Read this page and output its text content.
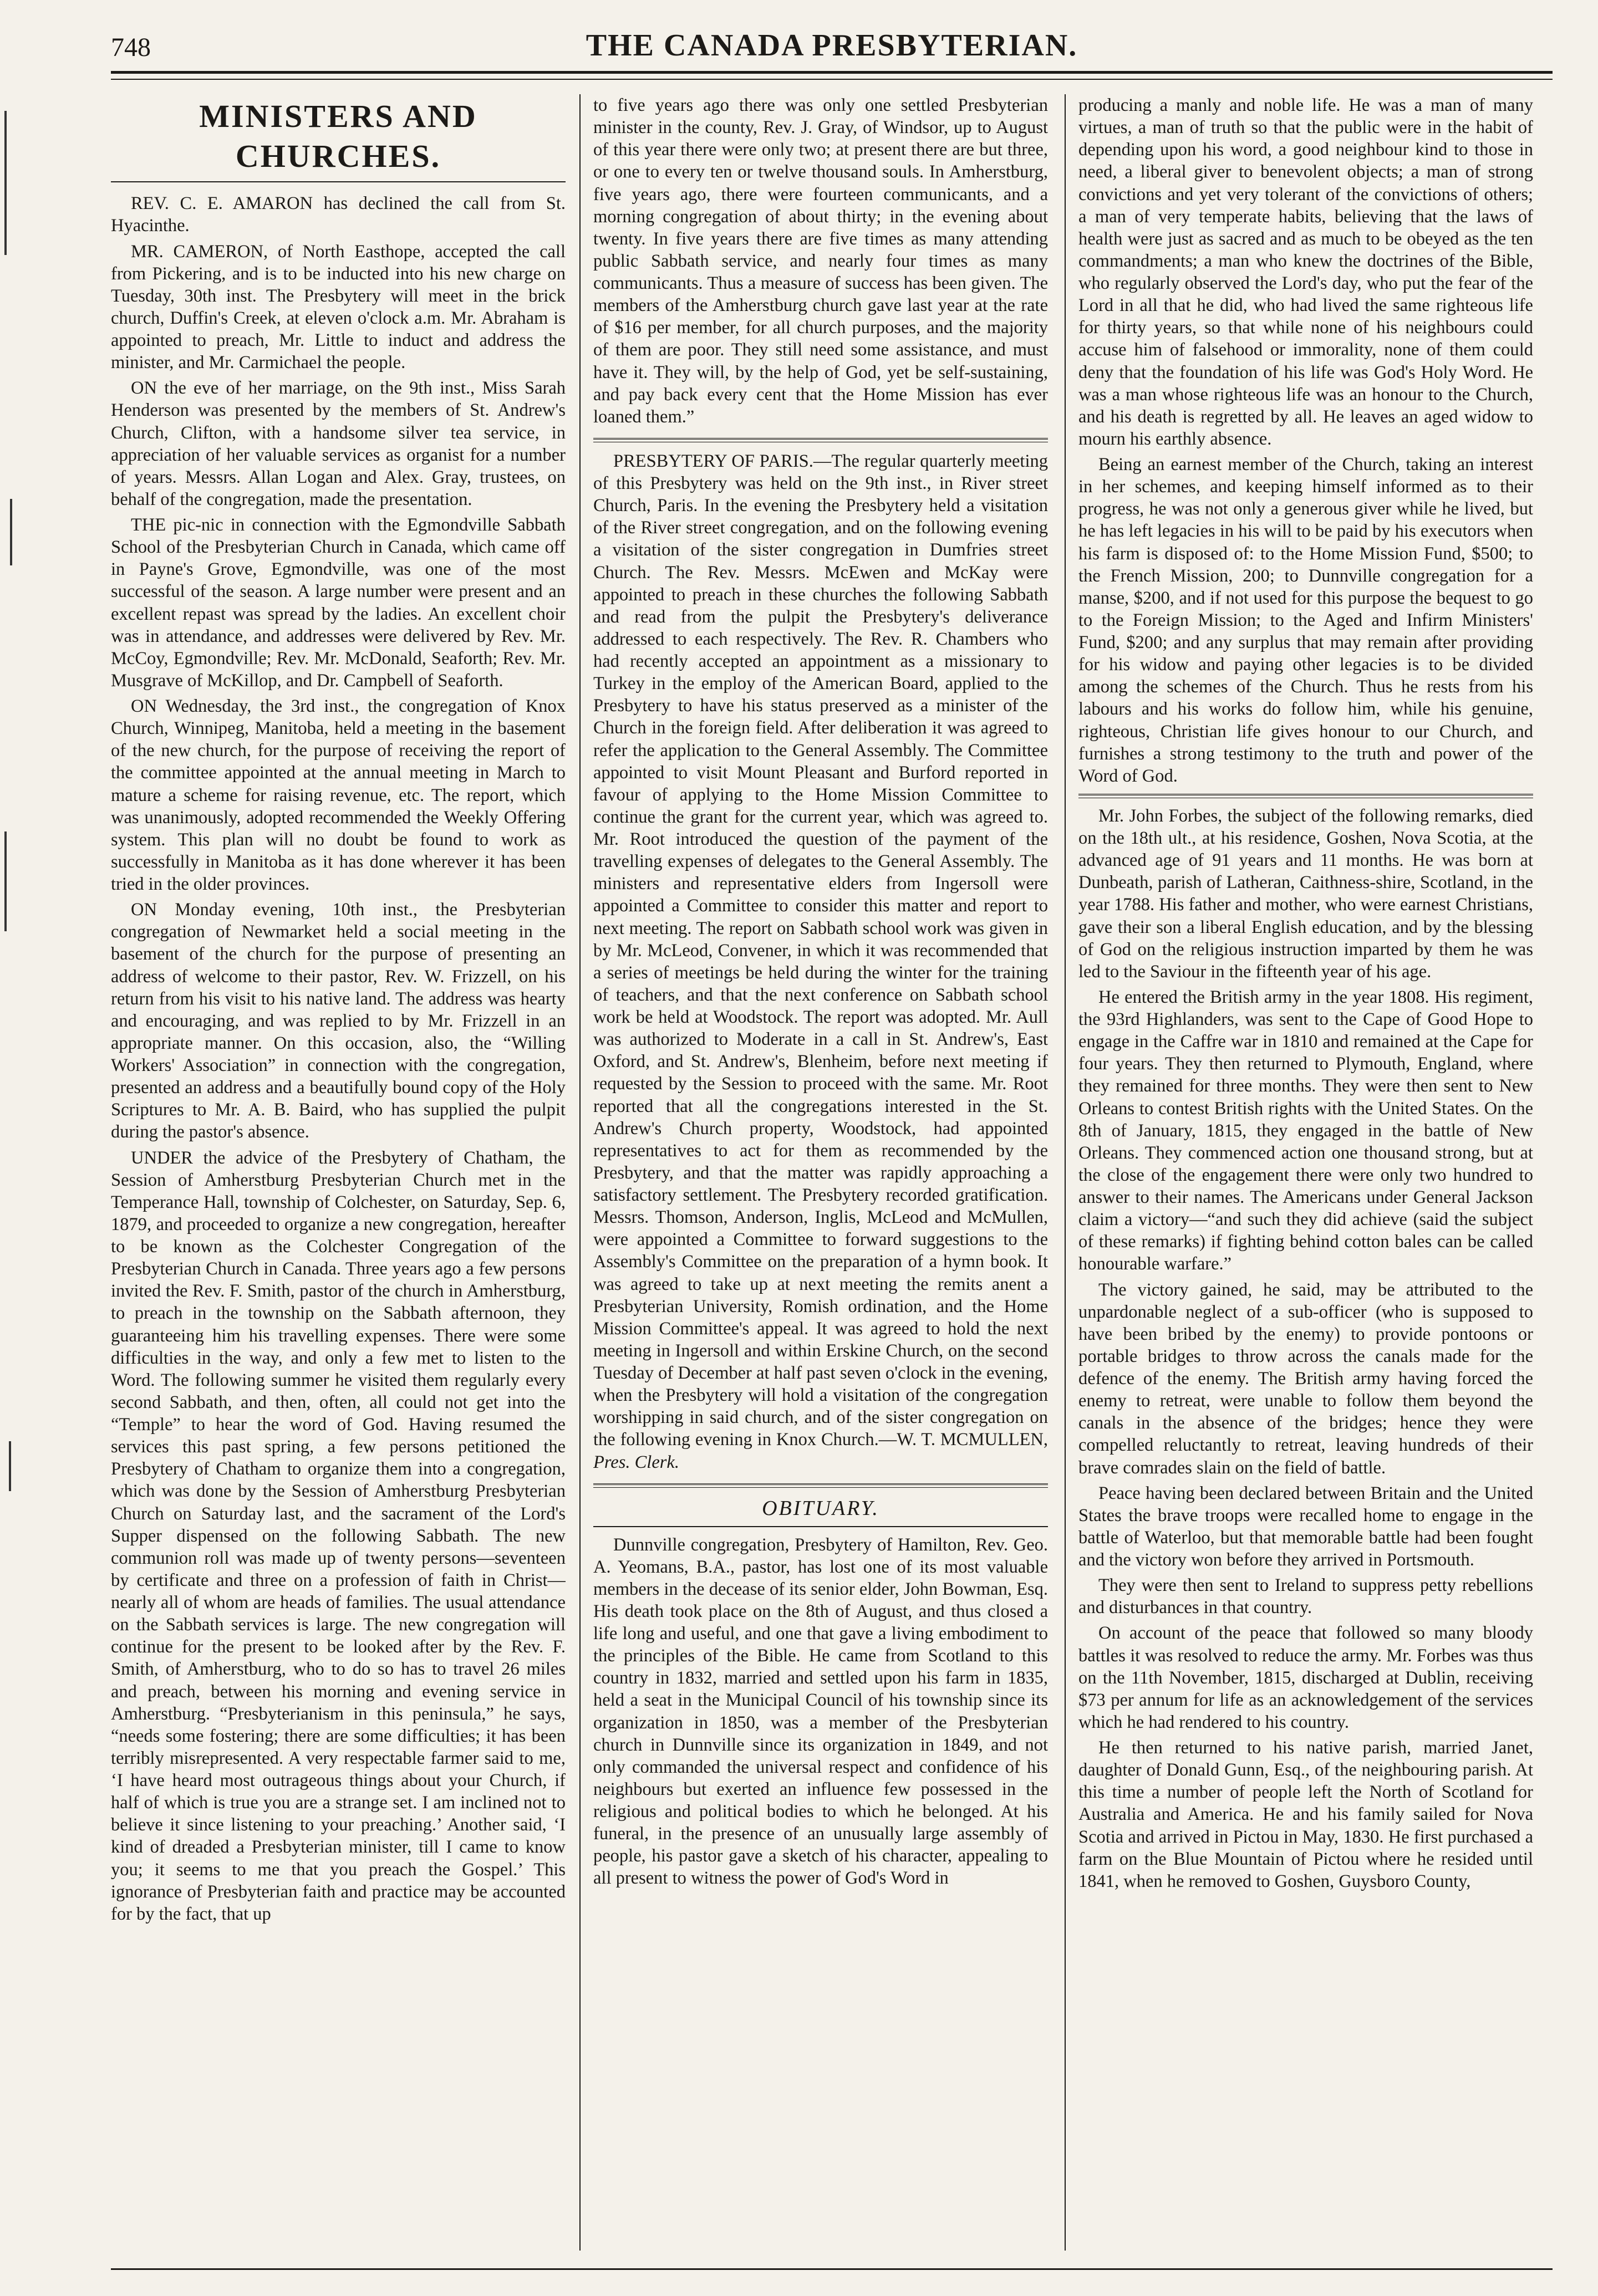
748	THE CANADA PRESBYTERIAN.
MINISTERS AND CHURCHES.

REV. C. E. AMARON has declined the call from St. Hyacinthe.

MR. CAMERON, of North Easthope, accepted the call from Pickering, and is to be inducted into his new charge on Tuesday, 30th inst. The Presbytery will meet in the brick church, Duffin's Creek, at eleven o'clock a.m. Mr. Abraham is appointed to preach, Mr. Little to induct and address the minister, and Mr. Carmichael the people.

ON the eve of her marriage, on the 9th inst., Miss Sarah Henderson was presented by the members of St. Andrew's Church, Clifton, with a handsome silver tea service, in appreciation of her valuable services as organist for a number of years. Messrs. Allan Logan and Alex. Gray, trustees, on behalf of the congregation, made the presentation.

THE pic-nic in connection with the Egmondville Sabbath School of the Presbyterian Church in Canada, which came off in Payne's Grove, Egmondville, was one of the most successful of the season. A large number were present and an excellent repast was spread by the ladies. An excellent choir was in attendance, and addresses were delivered by Rev. Mr. McCoy, Egmondville; Rev. Mr. McDonald, Seaforth; Rev. Mr. Musgrave of McKillop, and Dr. Campbell of Seaforth.

ON Wednesday, the 3rd inst., the congregation of Knox Church, Winnipeg, Manitoba, held a meeting in the basement of the new church, for the purpose of receiving the report of the committee appointed at the annual meeting in March to mature a scheme for raising revenue, etc. The report, which was unanimously, adopted recommended the Weekly Offering system. This plan will no doubt be found to work as successfully in Manitoba as it has done wherever it has been tried in the older provinces.

ON Monday evening, 10th inst., the Presbyterian congregation of Newmarket held a social meeting in the basement of the church for the purpose of presenting an address of welcome to their pastor, Rev. W. Frizzell, on his return from his visit to his native land. The address was hearty and encouraging, and was replied to by Mr. Frizzell in an appropriate manner. On this occasion, also, the “Willing Workers' Association” in connection with the congregation, presented an address and a beautifully bound copy of the Holy Scriptures to Mr. A. B. Baird, who has supplied the pulpit during the pastor's absence.

UNDER the advice of the Presbytery of Chatham, the Session of Amherstburg Presbyterian Church met in the Temperance Hall, township of Colchester, on Saturday, Sep. 6, 1879, and proceeded to organize a new congregation, hereafter to be known as the Colchester Congregation of the Presbyterian Church in Canada. Three years ago a few persons invited the Rev. F. Smith, pastor of the church in Amherstburg, to preach in the township on the Sabbath afternoon, they guaranteeing him his travelling expenses. There were some difficulties in the way, and only a few met to listen to the Word. The following summer he visited them regularly every second Sabbath, and then, often, all could not get into the “Temple” to hear the word of God. Having resumed the services this past spring, a few persons petitioned the Presbytery of Chatham to organize them into a congregation, which was done by the Session of Amherstburg Presbyterian Church on Saturday last, and the sacrament of the Lord's Supper dispensed on the following Sabbath. The new communion roll was made up of twenty persons—seventeen by certificate and three on a profession of faith in Christ—nearly all of whom are heads of families. The usual attendance on the Sabbath services is large. The new congregation will continue for the present to be looked after by the Rev. F. Smith, of Amherstburg, who to do so has to travel 26 miles and preach, between his morning and evening service in Amherstburg. “Presbyterianism in this peninsula,” he says, “needs some fostering; there are some difficulties; it has been terribly misrepresented. A very respectable farmer said to me, ‘I have heard most outrageous things about your Church, if half of which is true you are a strange set. I am inclined not to believe it since listening to your preaching.’ Another said, ‘I kind of dreaded a Presbyterian minister, till I came to know you; it seems to me that you preach the Gospel.’ This ignorance of Presbyterian faith and practice may be accounted for by the fact, that up

to five years ago there was only one settled Presbyterian minister in the county, Rev. J. Gray, of Windsor, up to August of this year there were only two; at present there are but three, or one to every ten or twelve thousand souls. In Amherstburg, five years ago, there were fourteen communicants, and a morning congregation of about thirty; in the evening about twenty. In five years there are five times as many attending public Sabbath service, and nearly four times as many communicants. Thus a measure of success has been given. The members of the Amherstburg church gave last year at the rate of $16 per member, for all church purposes, and the majority of them are poor. They still need some assistance, and must have it. They will, by the help of God, yet be self-sustaining, and pay back every cent that the Home Mission has ever loaned them.”

PRESBYTERY OF PARIS.—The regular quarterly meeting of this Presbytery was held on the 9th inst., in River street Church, Paris. In the evening the Presbytery held a visitation of the River street congregation, and on the following evening a visitation of the sister congregation in Dumfries street Church. The Rev. Messrs. McEwen and McKay were appointed to preach in these churches the following Sabbath and read from the pulpit the Presbytery's deliverance addressed to each respectively. The Rev. R. Chambers who had recently accepted an appointment as a missionary to Turkey in the employ of the American Board, applied to the Presbytery to have his status preserved as a minister of the Church in the foreign field. After deliberation it was agreed to refer the application to the General Assembly. The Committee appointed to visit Mount Pleasant and Burford reported in favour of applying to the Home Mission Committee to continue the grant for the current year, which was agreed to. Mr. Root introduced the question of the payment of the travelling expenses of delegates to the General Assembly. The ministers and representative elders from Ingersoll were appointed a Committee to consider this matter and report to next meeting. The report on Sabbath school work was given in by Mr. McLeod, Convener, in which it was recommended that a series of meetings be held during the winter for the training of teachers, and that the next conference on Sabbath school work be held at Woodstock. The report was adopted. Mr. Aull was authorized to Moderate in a call in St. Andrew's, East Oxford, and St. Andrew's, Blenheim, before next meeting if requested by the Session to proceed with the same. Mr. Root reported that all the congregations interested in the St. Andrew's Church property, Woodstock, had appointed representatives to act for them as recommended by the Presbytery, and that the matter was rapidly approaching a satisfactory settlement. The Presbytery recorded gratification. Messrs. Thomson, Anderson, Inglis, McLeod and McMullen, were appointed a Committee to forward suggestions to the Assembly's Committee on the preparation of a hymn book. It was agreed to take up at next meeting the remits anent a Presbyterian University, Romish ordination, and the Home Mission Committee's appeal. It was agreed to hold the next meeting in Ingersoll and within Erskine Church, on the second Tuesday of December at half past seven o'clock in the evening, when the Presbytery will hold a visitation of the congregation worshipping in said church, and of the sister congregation on the following evening in Knox Church.—W. T. MCMULLEN, Pres. Clerk.

OBITUARY.

Dunnville congregation, Presbytery of Hamilton, Rev. Geo. A. Yeomans, B.A., pastor, has lost one of its most valuable members in the decease of its senior elder, John Bowman, Esq. His death took place on the 8th of August, and thus closed a life long and useful, and one that gave a living embodiment to the principles of the Bible. He came from Scotland to this country in 1832, married and settled upon his farm in 1835, held a seat in the Municipal Council of his township since its organization in 1850, was a member of the Presbyterian church in Dunnville since its organization in 1849, and not only commanded the universal respect and confidence of his neighbours but exerted an influence few possessed in the religious and political bodies to which he belonged. At his funeral, in the presence of an unusually large assembly of people, his pastor gave a sketch of his character, appealing to all present to witness the power of God's Word in

producing a manly and noble life. He was a man of many virtues, a man of truth so that the public were in the habit of depending upon his word, a good neighbour kind to those in need, a liberal giver to benevolent objects; a man of strong convictions and yet very tolerant of the convictions of others; a man of very temperate habits, believing that the laws of health were just as sacred and as much to be obeyed as the ten commandments; a man who knew the doctrines of the Bible, who regularly observed the Lord's day, who put the fear of the Lord in all that he did, who had lived the same righteous life for thirty years, so that while none of his neighbours could accuse him of falsehood or immorality, none of them could deny that the foundation of his life was God's Holy Word. He was a man whose righteous life was an honour to the Church, and his death is regretted by all. He leaves an aged widow to mourn his earthly absence.

Being an earnest member of the Church, taking an interest in her schemes, and keeping himself informed as to their progress, he was not only a generous giver while he lived, but he has left legacies in his will to be paid by his executors when his farm is disposed of: to the Home Mission Fund, $500; to the French Mission, 200; to Dunnville congregation for a manse, $200, and if not used for this purpose the bequest to go to the Foreign Mission; to the Aged and Infirm Ministers' Fund, $200; and any surplus that may remain after providing for his widow and paying other legacies is to be divided among the schemes of the Church. Thus he rests from his labours and his works do follow him, while his genuine, righteous, Christian life gives honour to our Church, and furnishes a strong testimony to the truth and power of the Word of God.

Mr. John Forbes, the subject of the following remarks, died on the 18th ult., at his residence, Goshen, Nova Scotia, at the advanced age of 91 years and 11 months. He was born at Dunbeath, parish of Latheran, Caithness-shire, Scotland, in the year 1788. His father and mother, who were earnest Christians, gave their son a liberal English education, and by the blessing of God on the religious instruction imparted by them he was led to the Saviour in the fifteenth year of his age.

He entered the British army in the year 1808. His regiment, the 93rd Highlanders, was sent to the Cape of Good Hope to engage in the Caffre war in 1810 and remained at the Cape for four years. They then returned to Plymouth, England, where they remained for three months. They were then sent to New Orleans to contest British rights with the United States. On the 8th of January, 1815, they engaged in the battle of New Orleans. They commenced action one thousand strong, but at the close of the engagement there were only two hundred to answer to their names. The Americans under General Jackson claim a victory—“and such they did achieve (said the subject of these remarks) if fighting behind cotton bales can be called honourable warfare.”

The victory gained, he said, may be attributed to the unpardonable neglect of a sub-officer (who is supposed to have been bribed by the enemy) to provide pontoons or portable bridges to throw across the canals made for the defence of the enemy. The British army having forced the enemy to retreat, were unable to follow them beyond the canals in the absence of the bridges; hence they were compelled reluctantly to retreat, leaving hundreds of their brave comrades slain on the field of battle.

Peace having been declared between Britain and the United States the brave troops were recalled home to engage in the battle of Waterloo, but that memorable battle had been fought and the victory won before they arrived in Portsmouth.

They were then sent to Ireland to suppress petty rebellions and disturbances in that country.

On account of the peace that followed so many bloody battles it was resolved to reduce the army. Mr. Forbes was thus on the 11th November, 1815, discharged at Dublin, receiving $73 per annum for life as an acknowledgement of the services which he had rendered to his country.

He then returned to his native parish, married Janet, daughter of Donald Gunn, Esq., of the neighbouring parish. At this time a number of people left the North of Scotland for Australia and America. He and his family sailed for Nova Scotia and arrived in Pictou in May, 1830. He first purchased a farm on the Blue Mountain of Pictou where he resided until 1841, when he removed to Goshen, Guysboro County,
